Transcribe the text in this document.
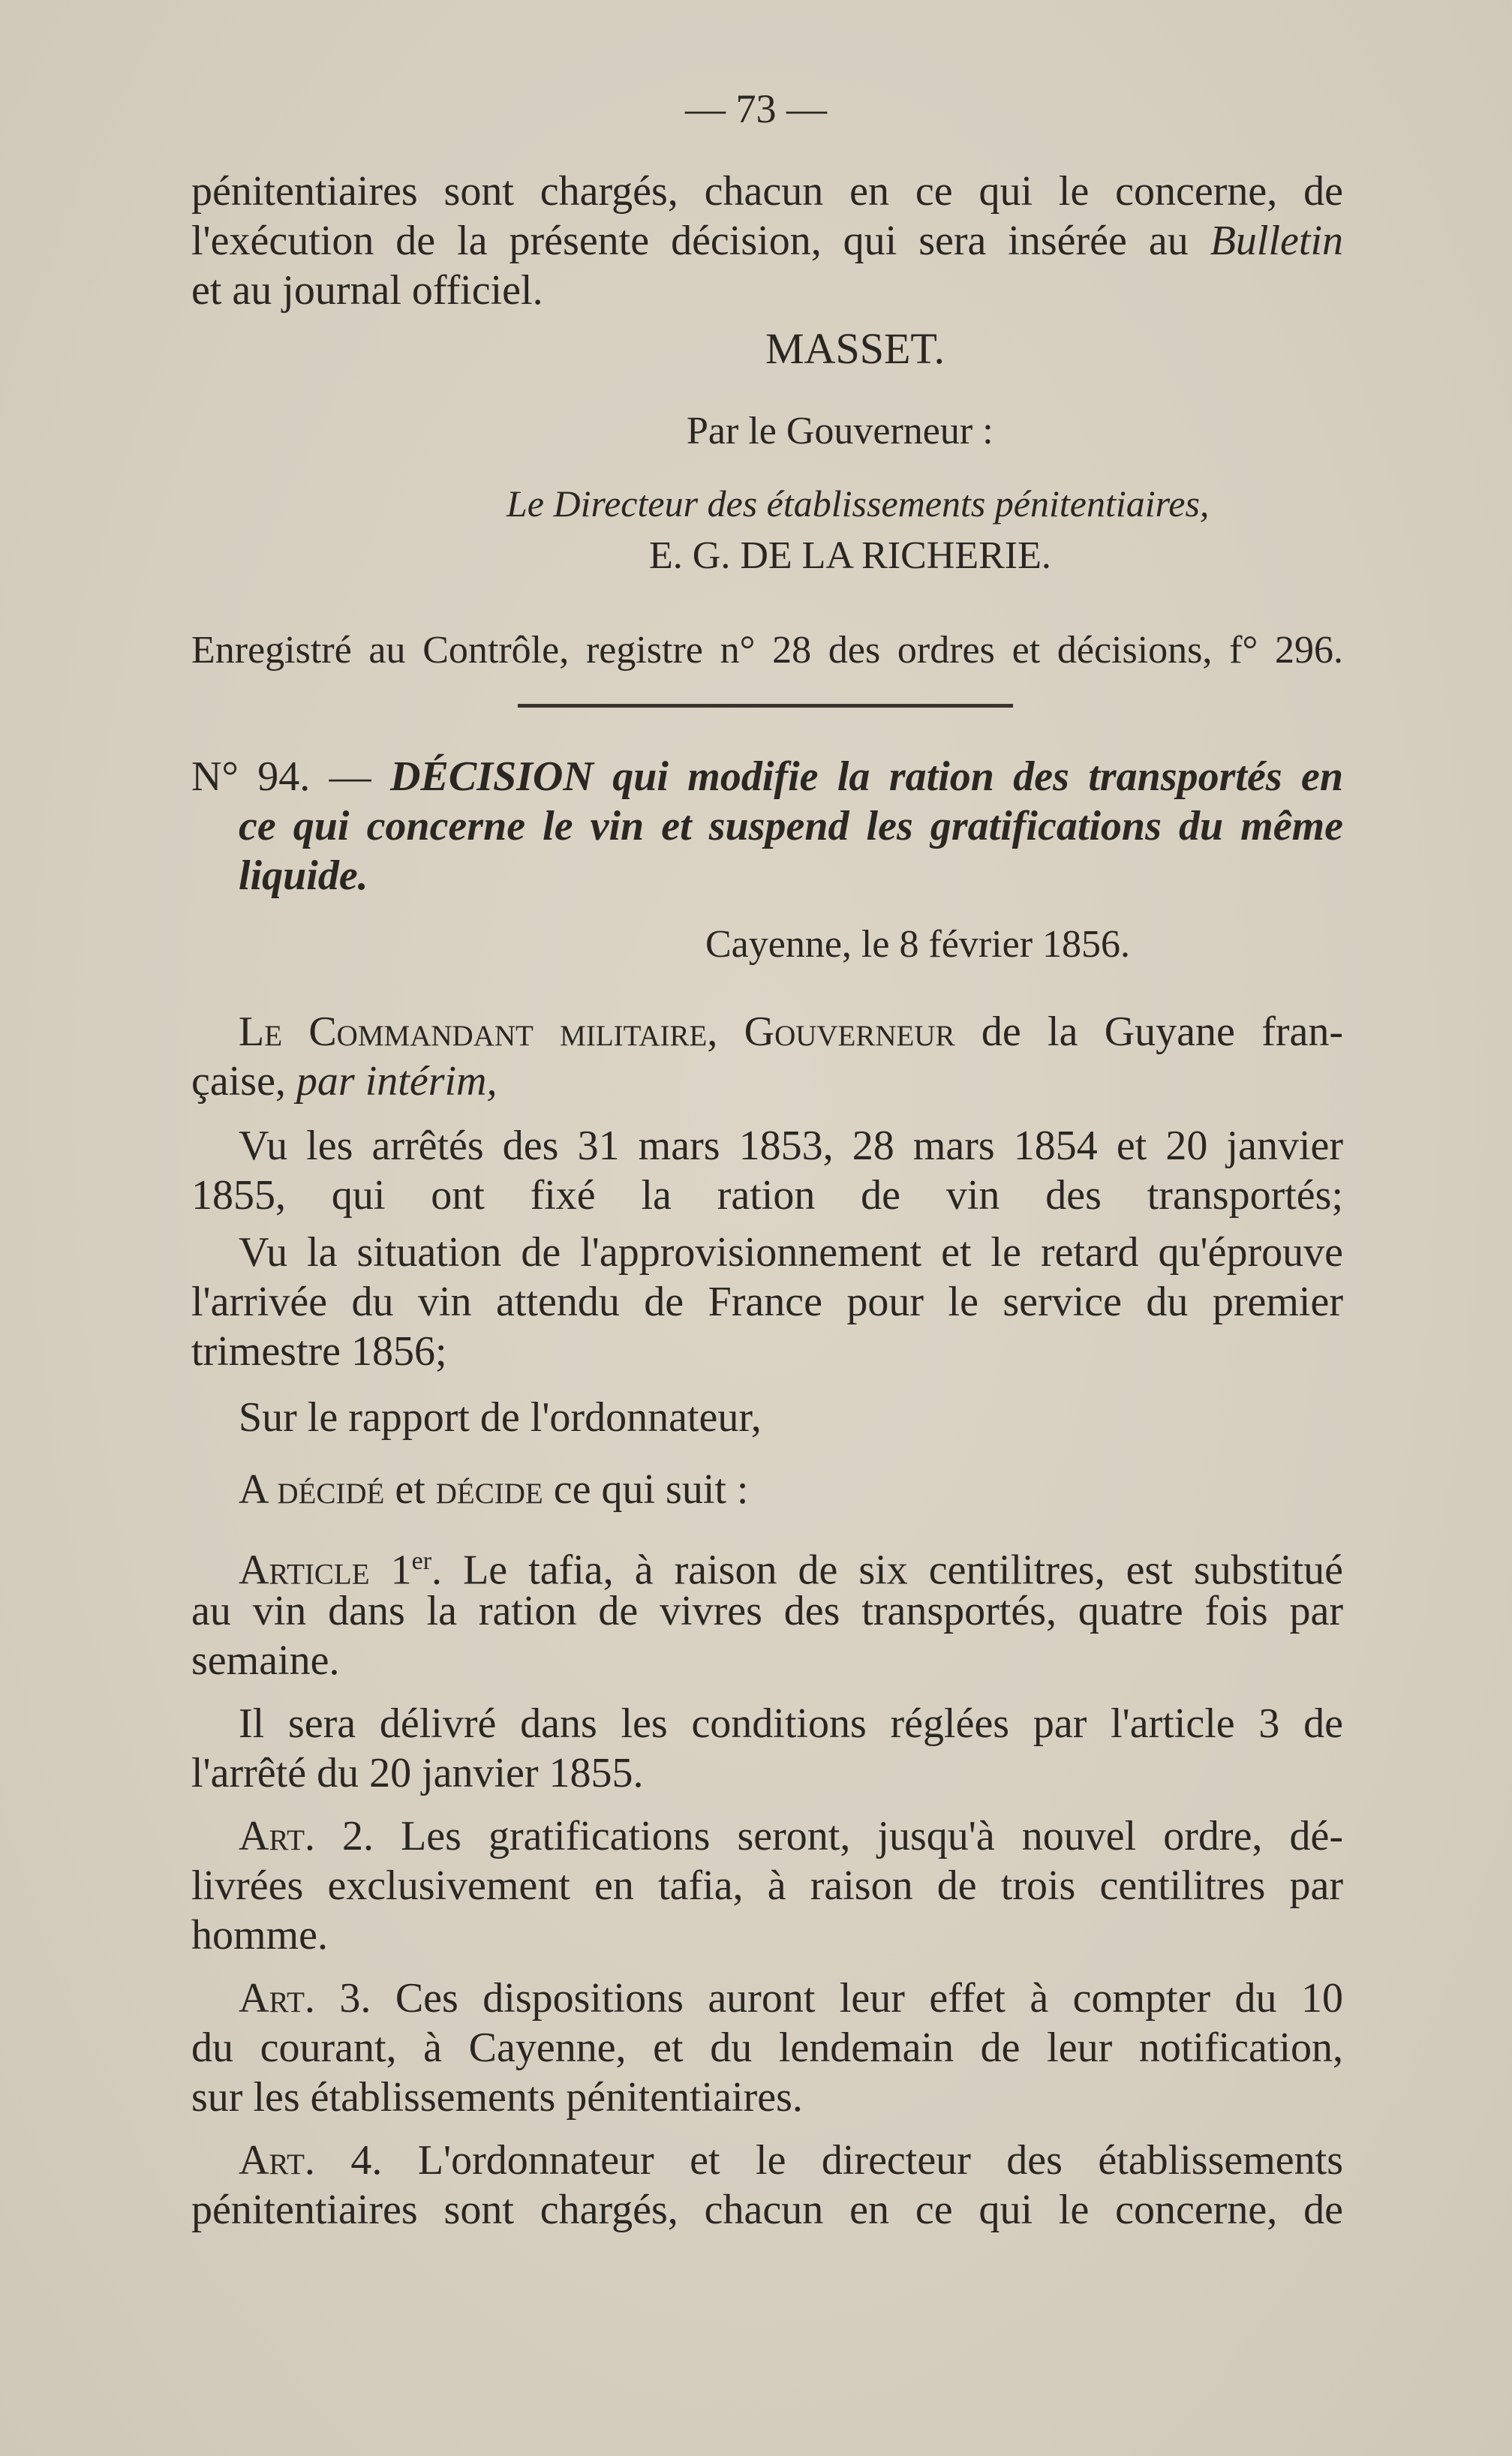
— 73 —
pénitentiaires sont chargés, chacun en ce qui le concerne, de
l'exécution de la présente décision, qui sera insérée au Bulletin
et au journal officiel.
MASSET.
Par le Gouverneur :
Le Directeur des établissements pénitentiaires,
E. G. DE LA RICHERIE.
Enregistré au Contrôle, registre n° 28 des ordres et décisions, f° 296.
N° 94. — DÉCISION qui modifie la ration des transportés en
ce qui concerne le vin et suspend les gratifications du même
liquide.
Cayenne, le 8 février 1856.
Le Commandant militaire, Gouverneur de la Guyane fran-
çaise, par intérim,
Vu les arrêtés des 31 mars 1853, 28 mars 1854 et 20 janvier
1855, qui ont fixé la ration de vin des transportés;
Vu la situation de l'approvisionnement et le retard qu'éprouve
l'arrivée du vin attendu de France pour le service du premier
trimestre 1856;
Sur le rapport de l'ordonnateur,
A décidé et décide ce qui suit :
Article 1er. Le tafia, à raison de six centilitres, est substitué
au vin dans la ration de vivres des transportés, quatre fois par
semaine.
Il sera délivré dans les conditions réglées par l'article 3 de
l'arrêté du 20 janvier 1855.
Art. 2. Les gratifications seront, jusqu'à nouvel ordre, dé-
livrées exclusivement en tafia, à raison de trois centilitres par
homme.
Art. 3. Ces dispositions auront leur effet à compter du 10
du courant, à Cayenne, et du lendemain de leur notification,
sur les établissements pénitentiaires.
Art. 4. L'ordonnateur et le directeur des établissements
pénitentiaires sont chargés, chacun en ce qui le concerne, de
